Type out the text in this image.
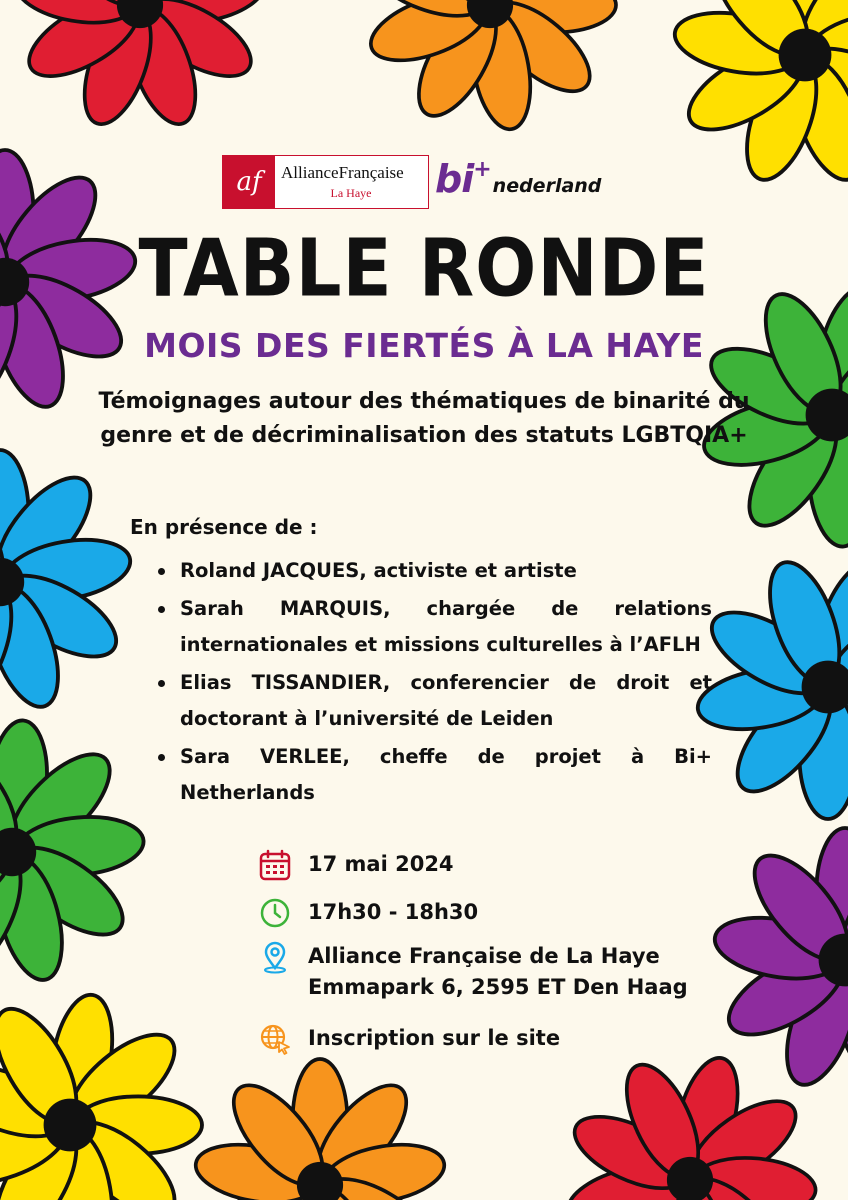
af	AllianceFrançaise
La Haye	bi+nederland
TABLE RONDE
MOIS DES FIERTÉS À LA HAYE
Témoignages autour des thématiques de binarité du
genre et de décriminalisation des statuts LGBTQIA+
En présence de :
Roland JACQUES, activiste et artiste
Sarah MARQUIS, chargée de relations internationales et missions culturelles à l’AFLH
Elias TISSANDIER, conferencier de droit et doctorant à l’université de Leiden
Sara VERLEE, cheffe de projet à Bi+ Netherlands
17 mai 2024
17h30 - 18h30
Alliance Française de La Haye
Emmapark 6, 2595 ET Den Haag
Inscription sur le site
